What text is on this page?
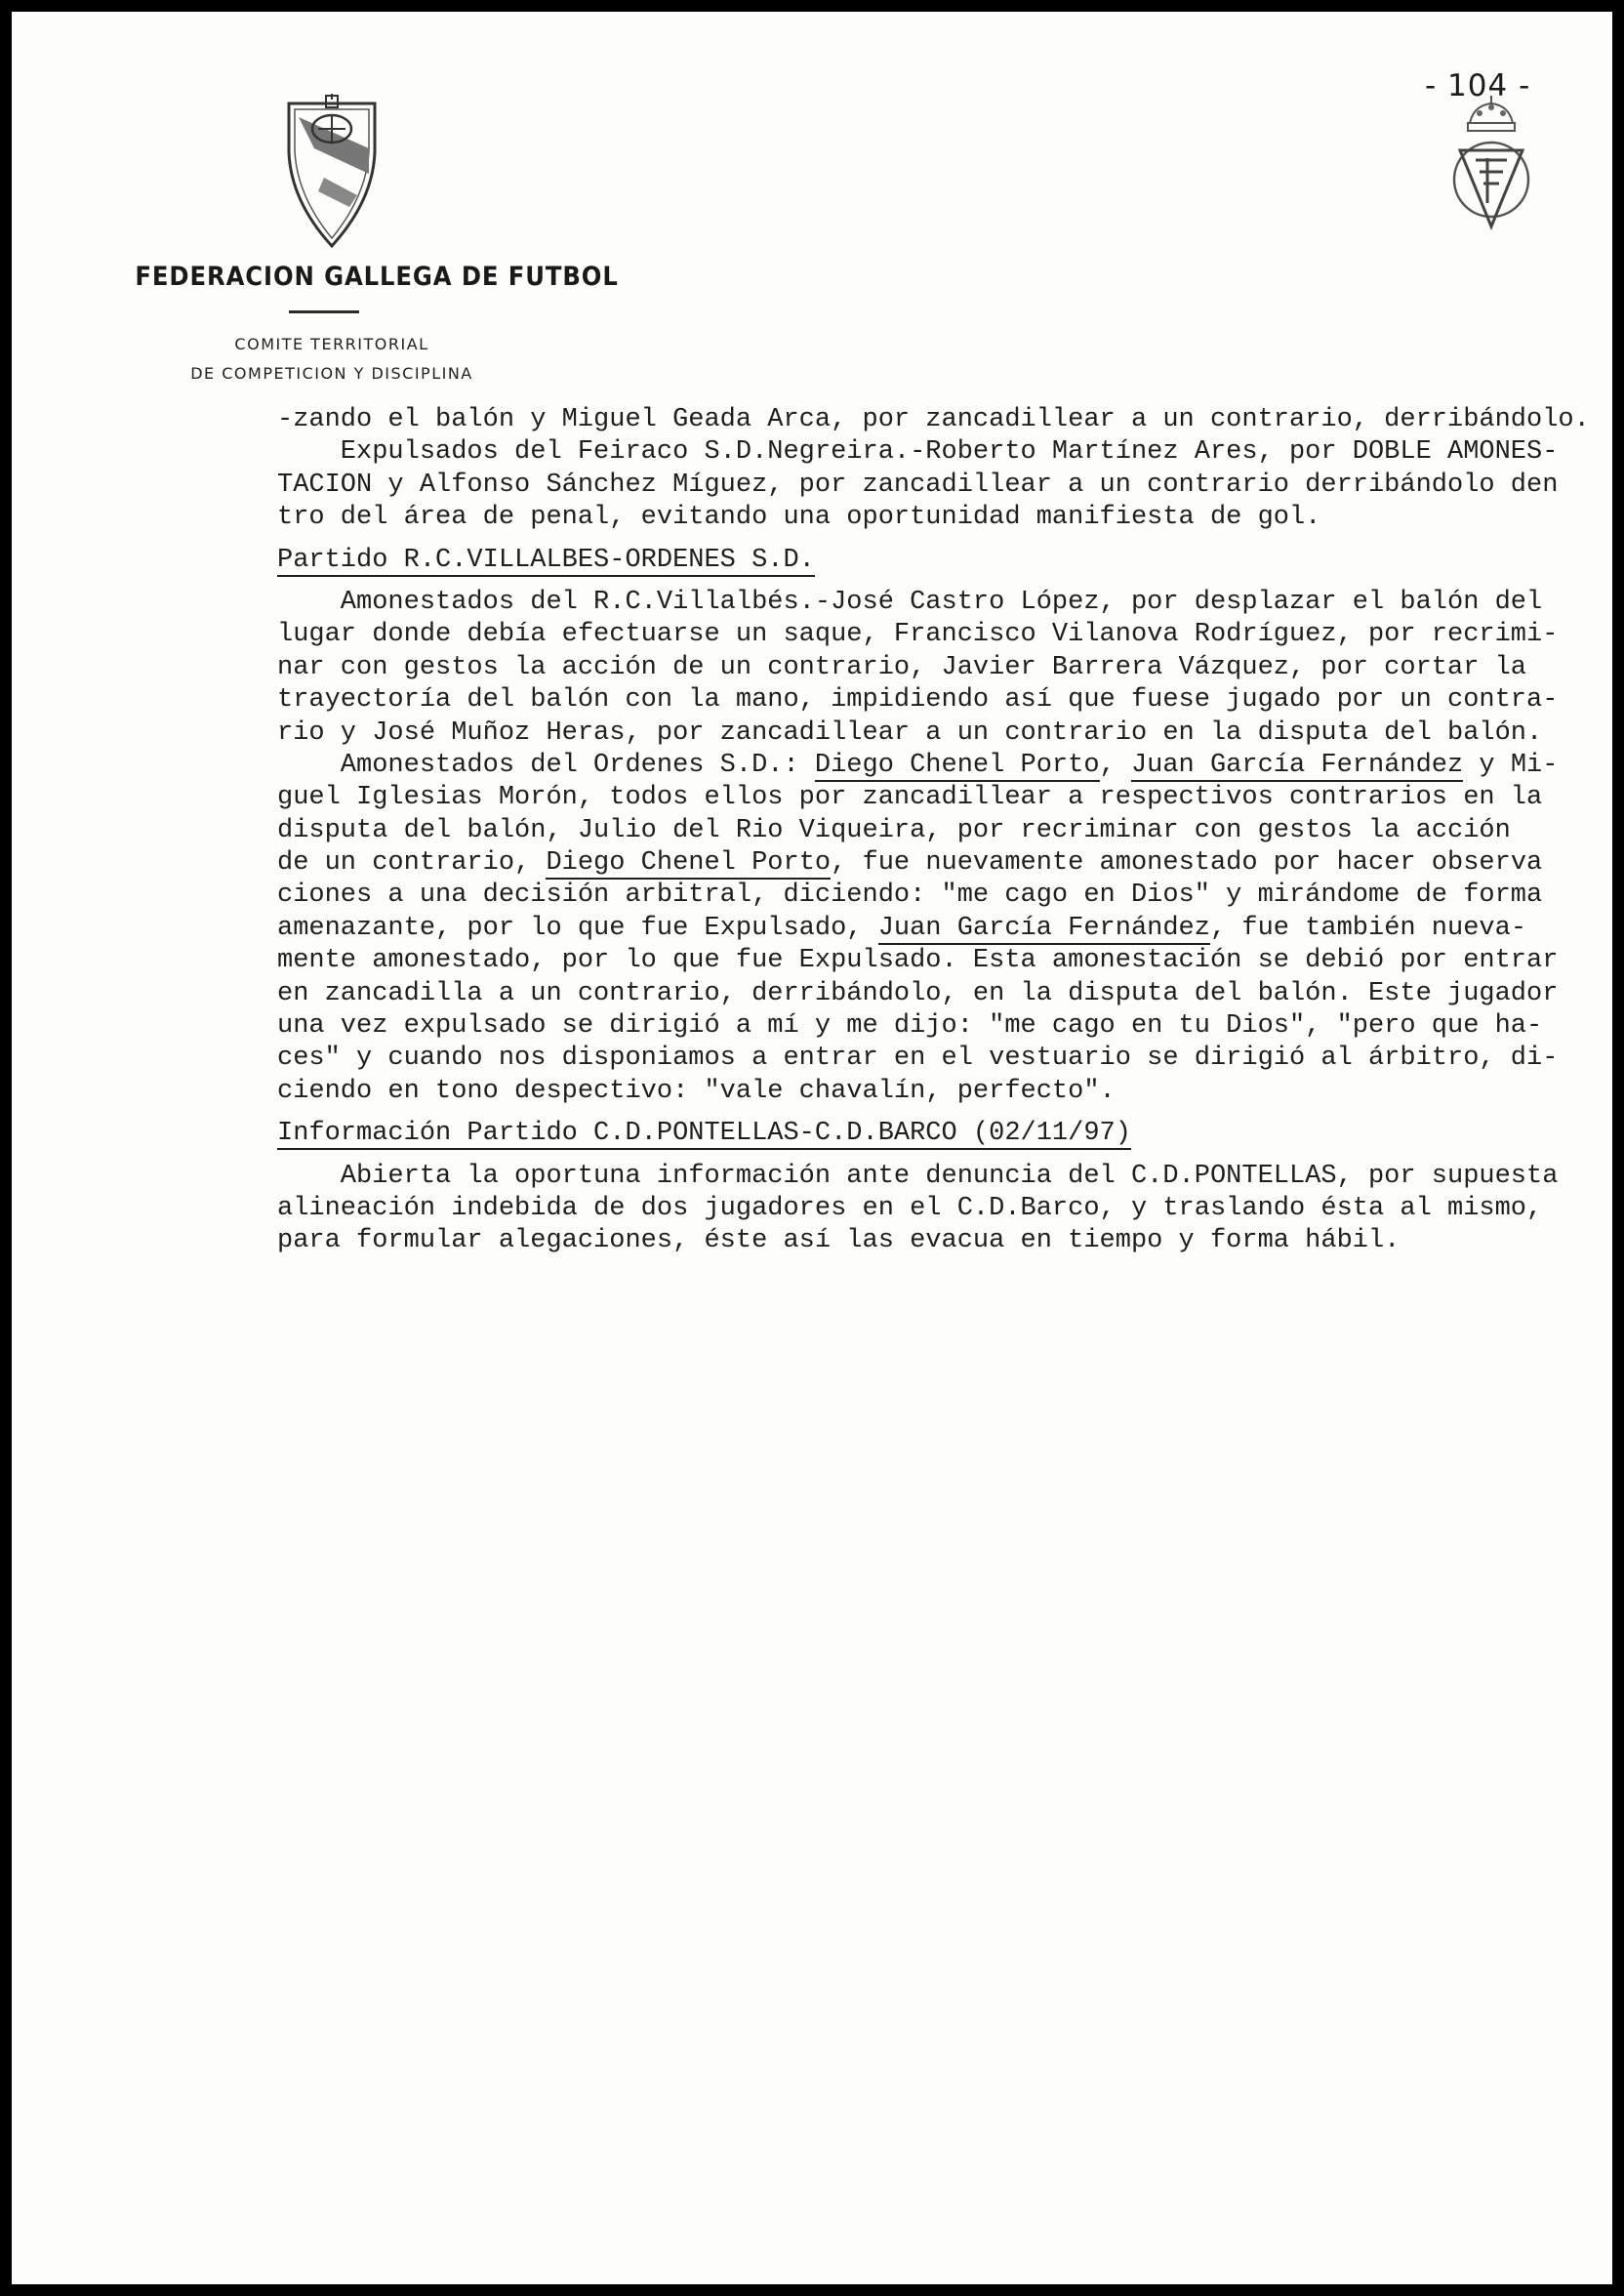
- 104 -
FEDERACION GALLEGA DE FUTBOL
COMITE TERRITORIAL
DE COMPETICION Y DISCIPLINA
-zando el balón y Miguel Geada Arca, por zancadillear a un contrario, derribándolo.
Expulsados del Feiraco S.D.Negreira.-Roberto Martínez Ares, por DOBLE AMONES-
TACION y Alfonso Sánchez Míguez, por zancadillear a un contrario derribándolo den
tro del área de penal, evitando una oportunidad manifiesta de gol.
Partido R.C.VILLALBES-ORDENES S.D.
Amonestados del R.C.Villalbés.-José Castro López, por desplazar el balón del
lugar donde debía efectuarse un saque, Francisco Vilanova Rodríguez, por recrimi-
nar con gestos la acción de un contrario, Javier Barrera Vázquez, por cortar la
trayectoría del balón con la mano, impidiendo así que fuese jugado por un contra-
rio y José Muñoz Heras, por zancadillear a un contrario en la disputa del balón.
Amonestados del Ordenes S.D.: Diego Chenel Porto, Juan García Fernández y Mi-
guel Iglesias Morón, todos ellos por zancadillear a respectivos contrarios en la
disputa del balón, Julio del Rio Viqueira, por recriminar con gestos la acción
de un contrario, Diego Chenel Porto, fue nuevamente amonestado por hacer observa
ciones a una decisión arbitral, diciendo: "me cago en Dios" y mirándome de forma
amenazante, por lo que fue Expulsado, Juan García Fernández, fue también nueva-
mente amonestado, por lo que fue Expulsado. Esta amonestación se debió por entrar
en zancadilla a un contrario, derribándolo, en la disputa del balón. Este jugador
una vez expulsado se dirigió a mí y me dijo: "me cago en tu Dios", "pero que ha-
ces" y cuando nos disponiamos a entrar en el vestuario se dirigió al árbitro, di-
ciendo en tono despectivo: "vale chavalín, perfecto".
Información Partido C.D.PONTELLAS-C.D.BARCO (02/11/97)
Abierta la oportuna información ante denuncia del C.D.PONTELLAS, por supuesta
alineación indebida de dos jugadores en el C.D.Barco, y traslando ésta al mismo,
para formular alegaciones, éste así las evacua en tiempo y forma hábil.
